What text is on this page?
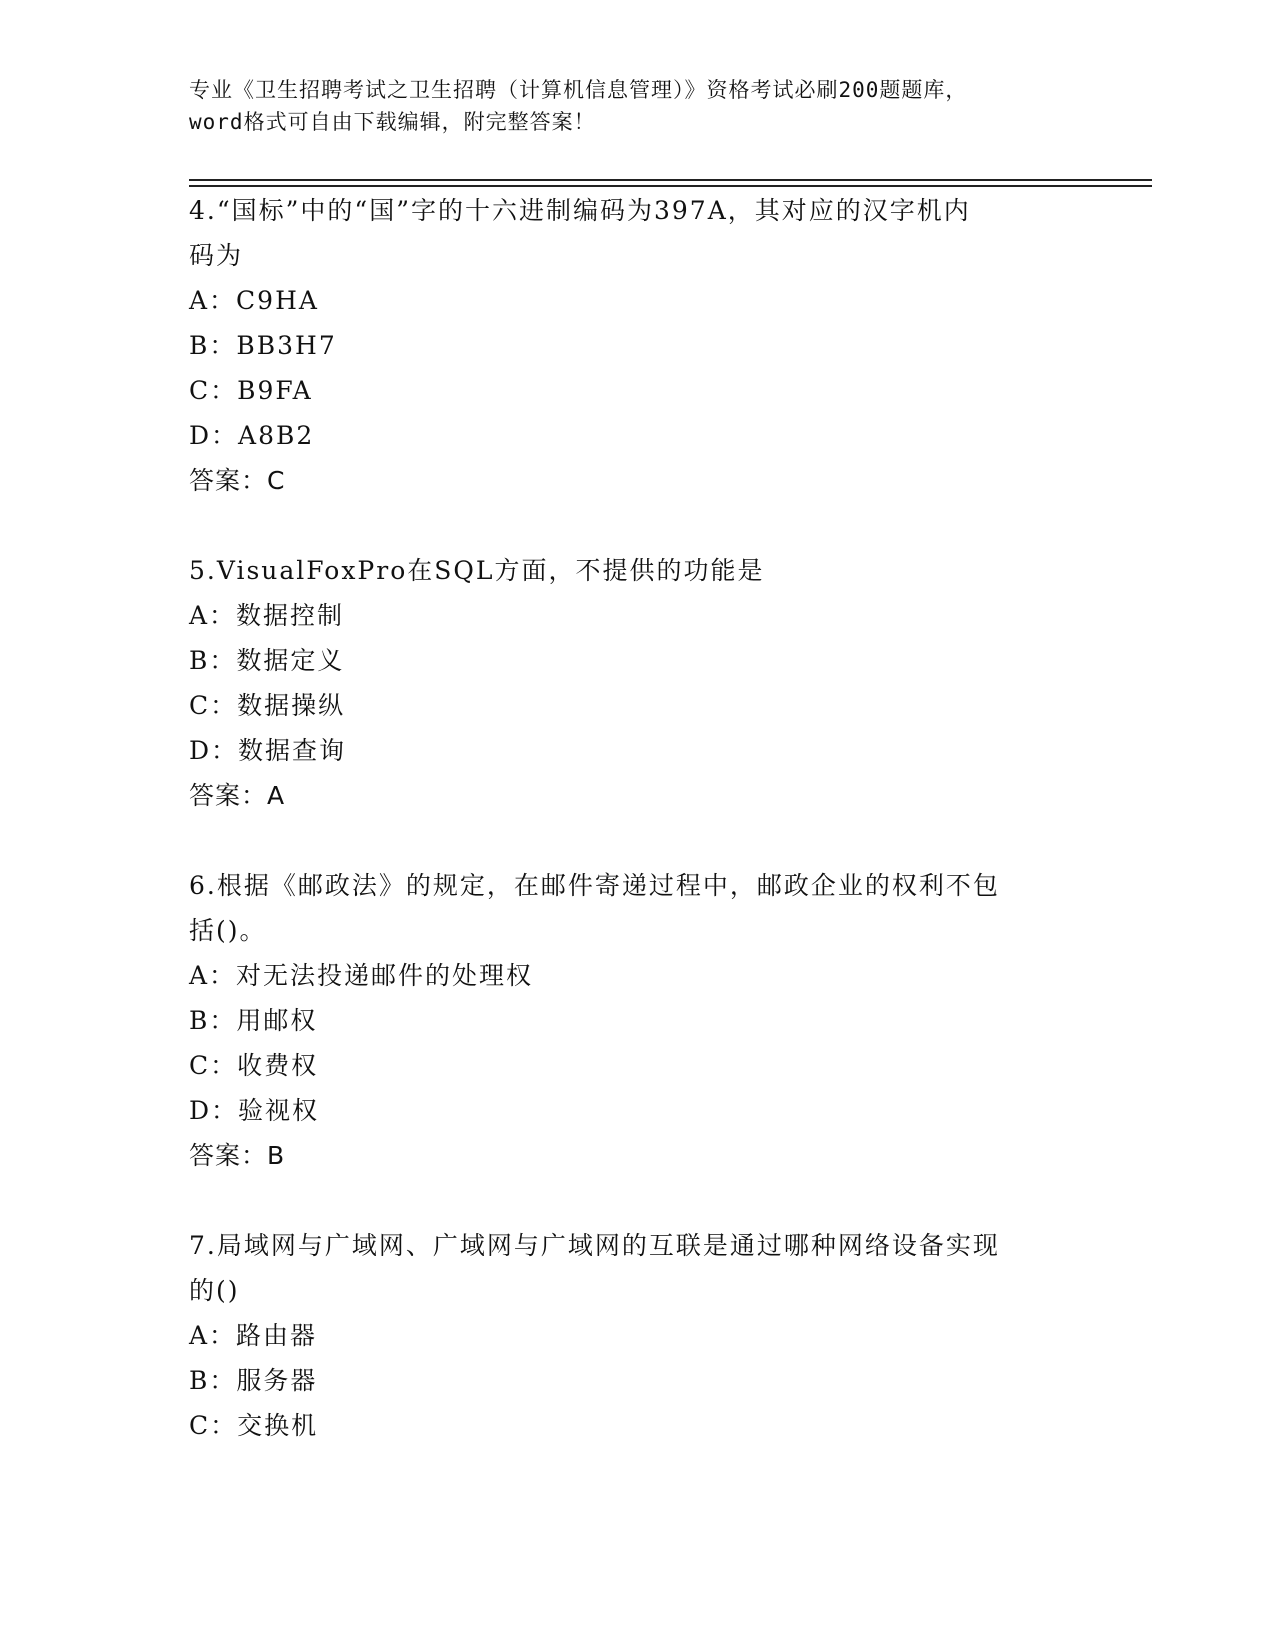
专业《卫生招聘考试之卫生招聘（计算机信息管理）》资格考试必刷200题题库，
word格式可自由下载编辑，附完整答案！
4.“国标”中的“国”字的十六进制编码为397A，其对应的汉字机内
码为
A：C9HA
B：BB3H7
C：B9FA
D：A8B2
答案：C
5.VisualFoxPro在SQL方面，不提供的功能是
A：数据控制
B：数据定义
C：数据操纵
D：数据查询
答案：A
6.根据《邮政法》的规定，在邮件寄递过程中，邮政企业的权利不包
括()。
A：对无法投递邮件的处理权
B：用邮权
C：收费权
D：验视权
答案：B
7.局域网与广域网、广域网与广域网的互联是通过哪种网络设备实现
的()
A：路由器
B：服务器
C：交换机
